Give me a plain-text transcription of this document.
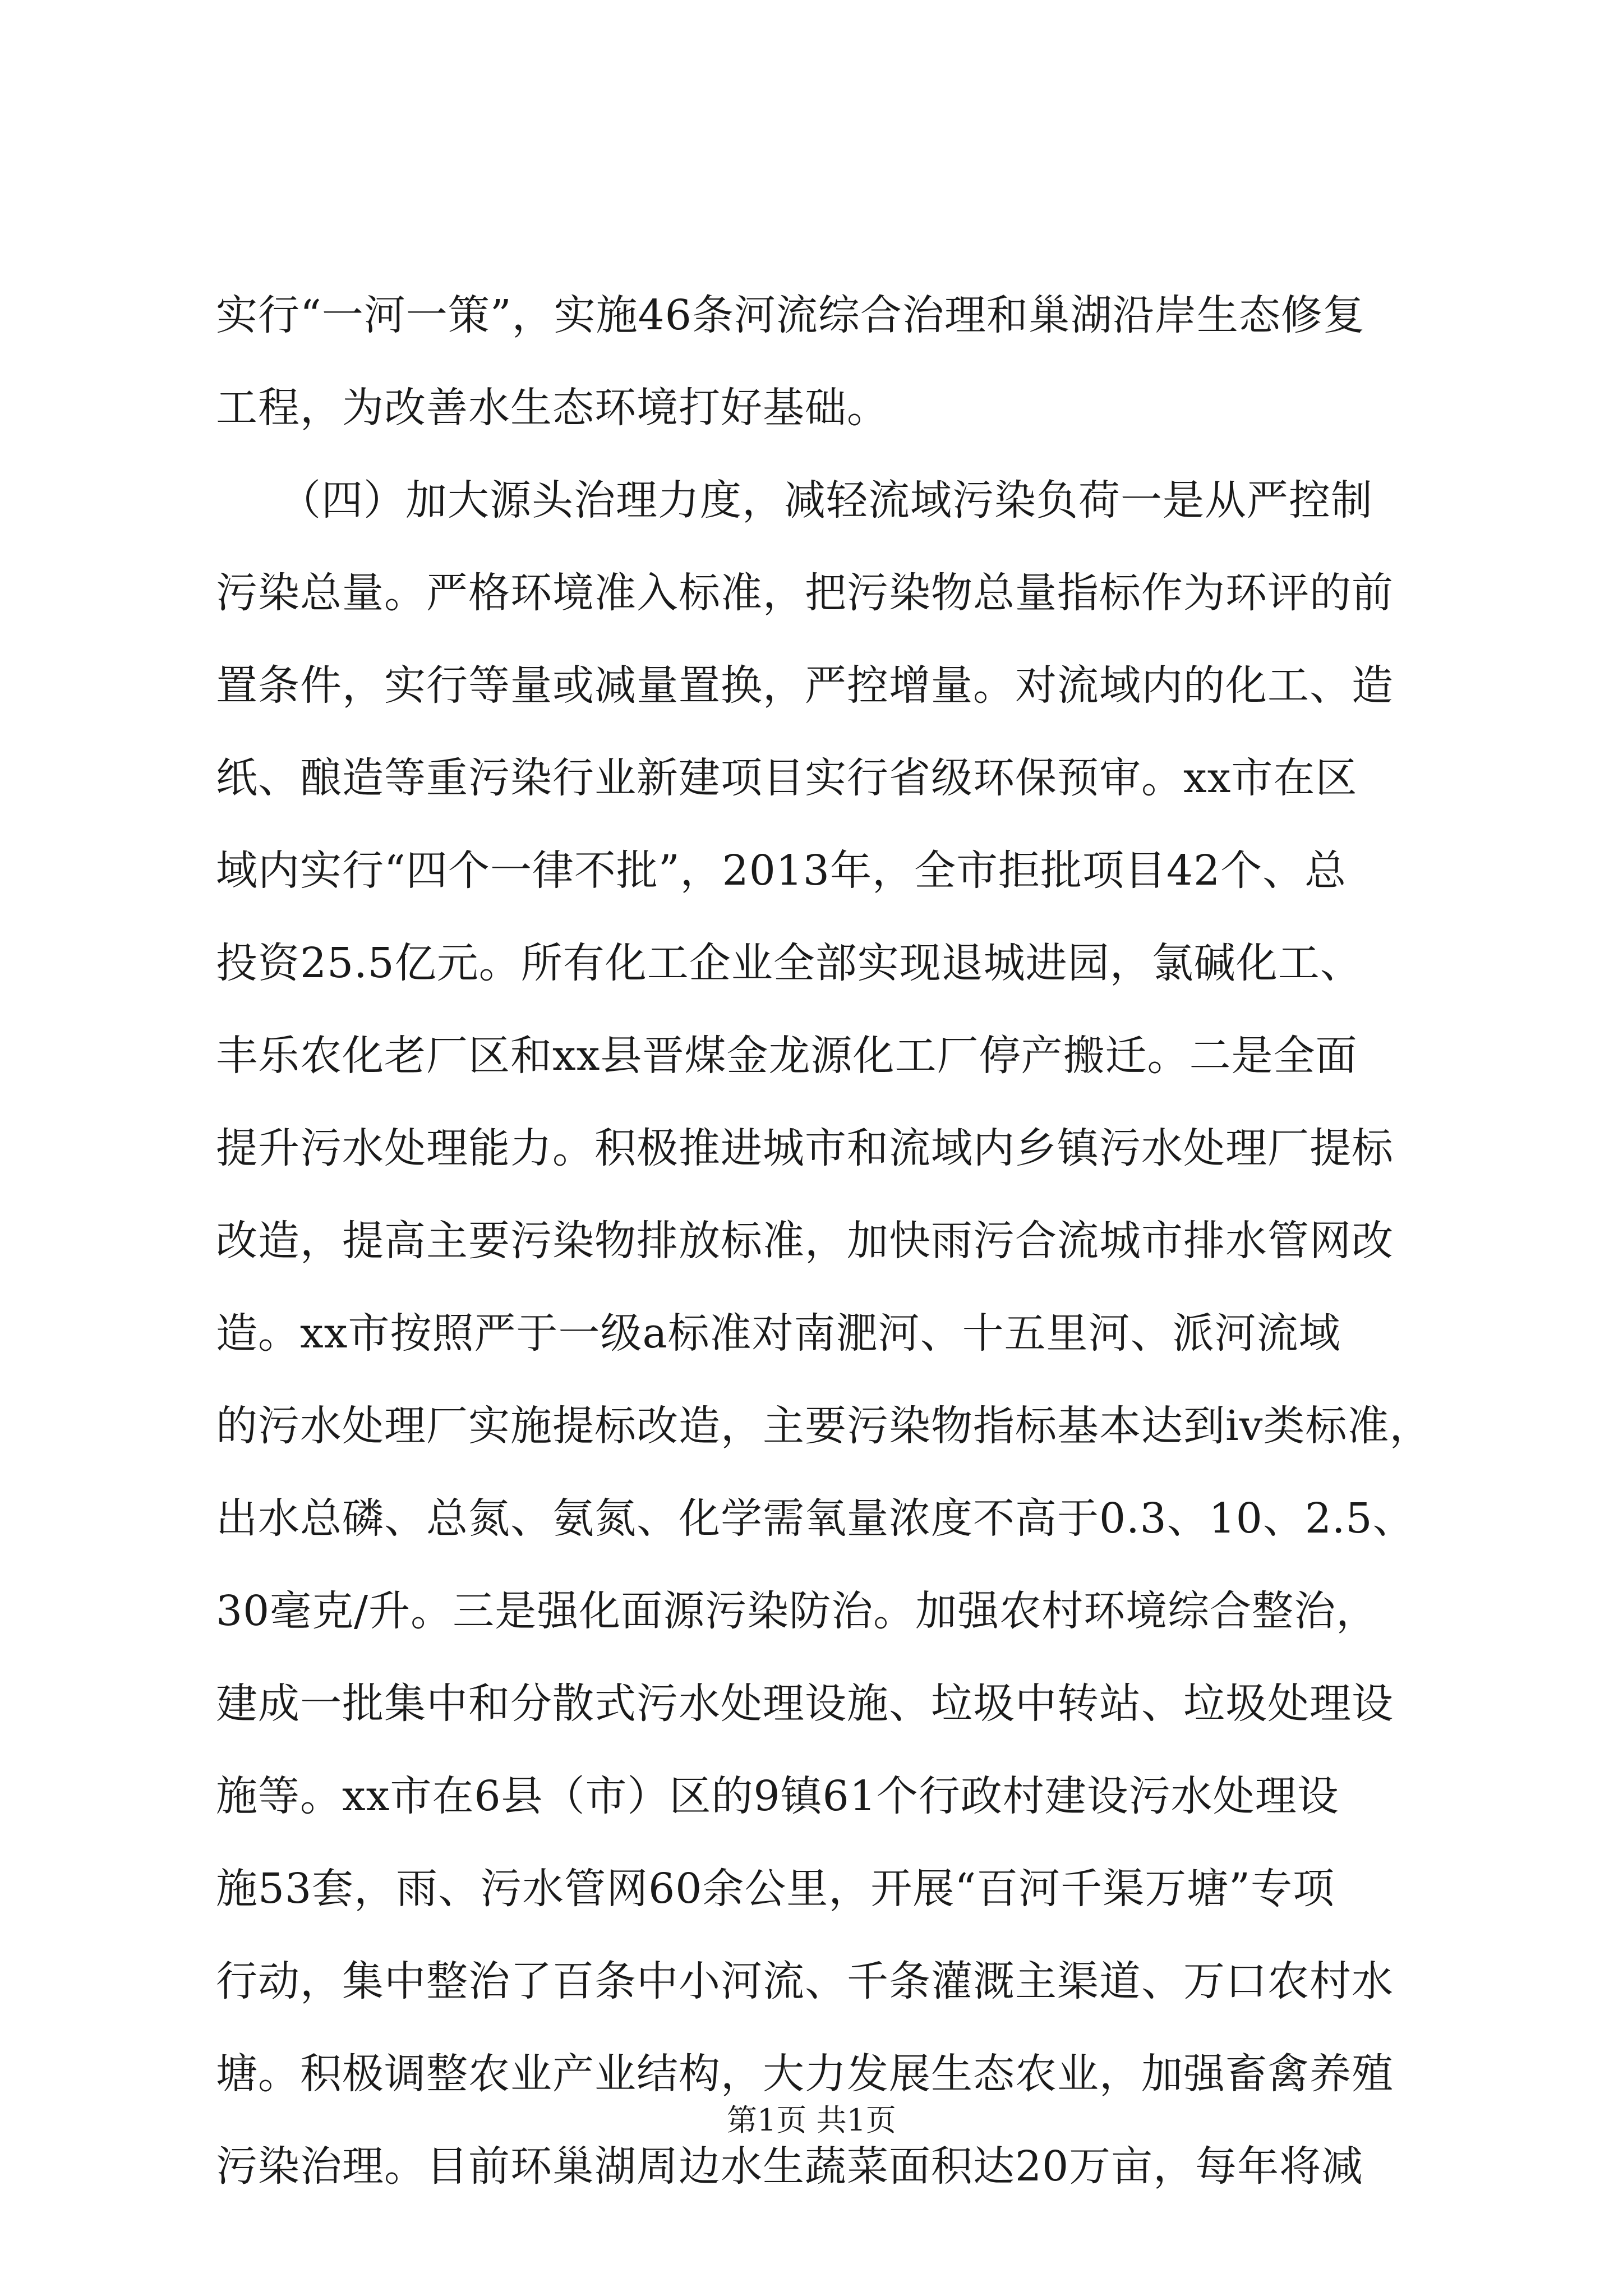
实行“一河一策”，实施46条河流综合治理和巢湖沿岸生态修复
工程，为改善水生态环境打好基础。
　　（四）加大源头治理力度，减轻流域污染负荷一是从严控制
污染总量。严格环境准入标准，把污染物总量指标作为环评的前
置条件，实行等量或减量置换，严控增量。对流域内的化工、造
纸、酿造等重污染行业新建项目实行省级环保预审。xx市在区
域内实行“四个一律不批”，2013年，全市拒批项目42个、总
投资25.5亿元。所有化工企业全部实现退城进园，氯碱化工、
丰乐农化老厂区和xx县晋煤金龙源化工厂停产搬迁。二是全面
提升污水处理能力。积极推进城市和流域内乡镇污水处理厂提标
改造，提高主要污染物排放标准，加快雨污合流城市排水管网改
造。xx市按照严于一级a标准对南淝河、十五里河、派河流域
的污水处理厂实施提标改造，主要污染物指标基本达到iv类标准，
出水总磷、总氮、氨氮、化学需氧量浓度不高于0.3、10、2.5、
30毫克/升。三是强化面源污染防治。加强农村环境综合整治，
建成一批集中和分散式污水处理设施、垃圾中转站、垃圾处理设
施等。xx市在6县（市）区的9镇61个行政村建设污水处理设
施53套，雨、污水管网60余公里，开展“百河千渠万塘”专项
行动，集中整治了百条中小河流、千条灌溉主渠道、万口农村水
塘。积极调整农业产业结构，大力发展生态农业，加强畜禽养殖
污染治理。目前环巢湖周边水生蔬菜面积达20万亩，每年将减
第1页 共1页
